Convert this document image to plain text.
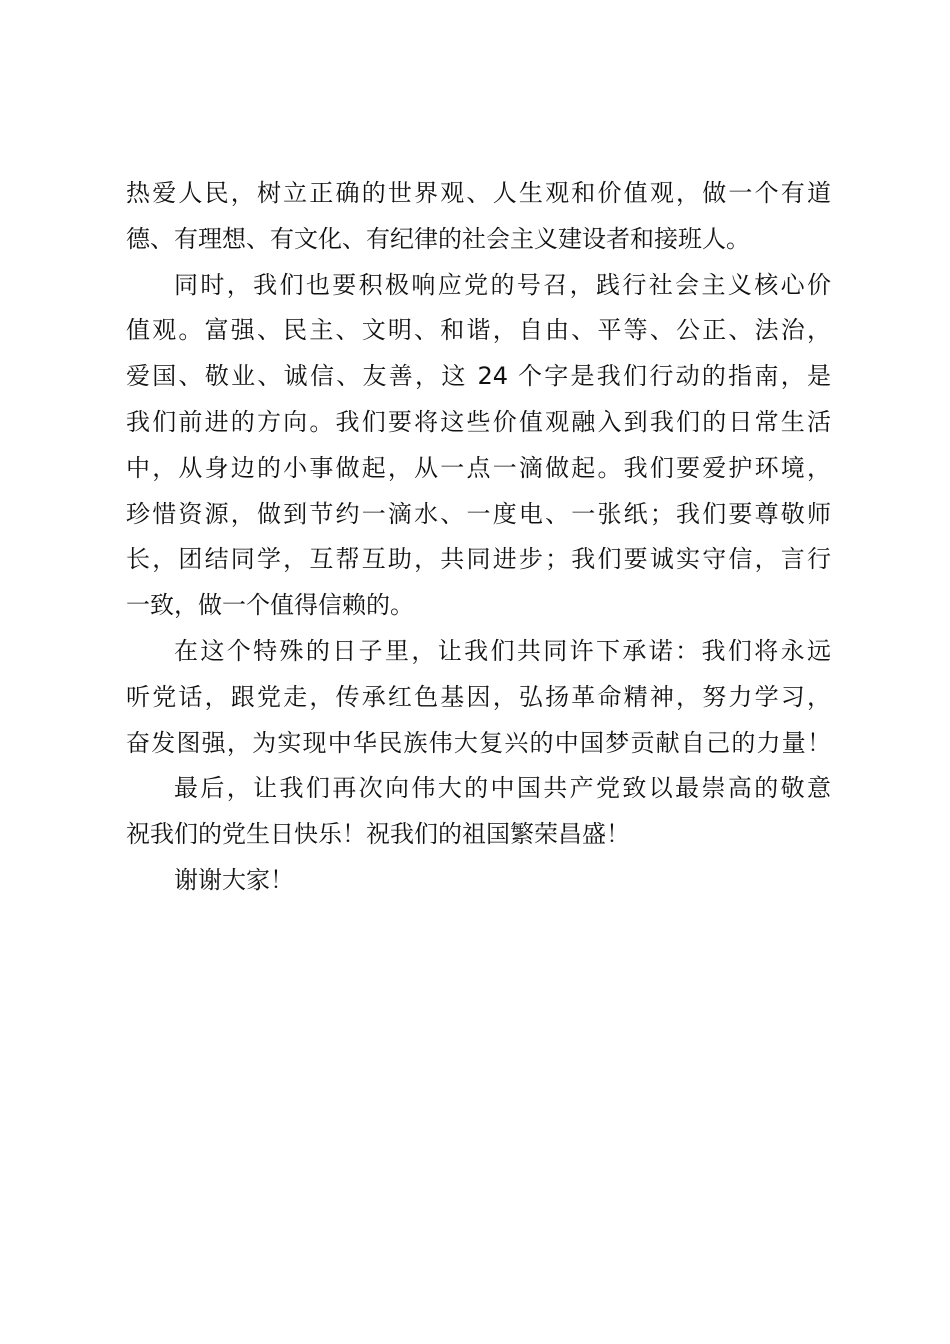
热爱人民，树立正确的世界观、人生观和价值观，做一个有道
德、有理想、有文化、有纪律的社会主义建设者和接班人。
同时，我们也要积极响应党的号召，践行社会主义核心价
值观。富强、民主、文明、和谐，自由、平等、公正、法治，
爱国、敬业、诚信、友善，这 24 个字是我们行动的指南，是
我们前进的方向。我们要将这些价值观融入到我们的日常生活
中，从身边的小事做起，从一点一滴做起。我们要爱护环境，
珍惜资源，做到节约一滴水、一度电、一张纸；我们要尊敬师
长，团结同学，互帮互助，共同进步；我们要诚实守信，言行
一致，做一个值得信赖的。
在这个特殊的日子里，让我们共同许下承诺：我们将永远
听党话，跟党走，传承红色基因，弘扬革命精神，努力学习，
奋发图强，为实现中华民族伟大复兴的中国梦贡献自己的力量！
最后，让我们再次向伟大的中国共产党致以最崇高的敬意
祝我们的党生日快乐！祝我们的祖国繁荣昌盛！
谢谢大家！
